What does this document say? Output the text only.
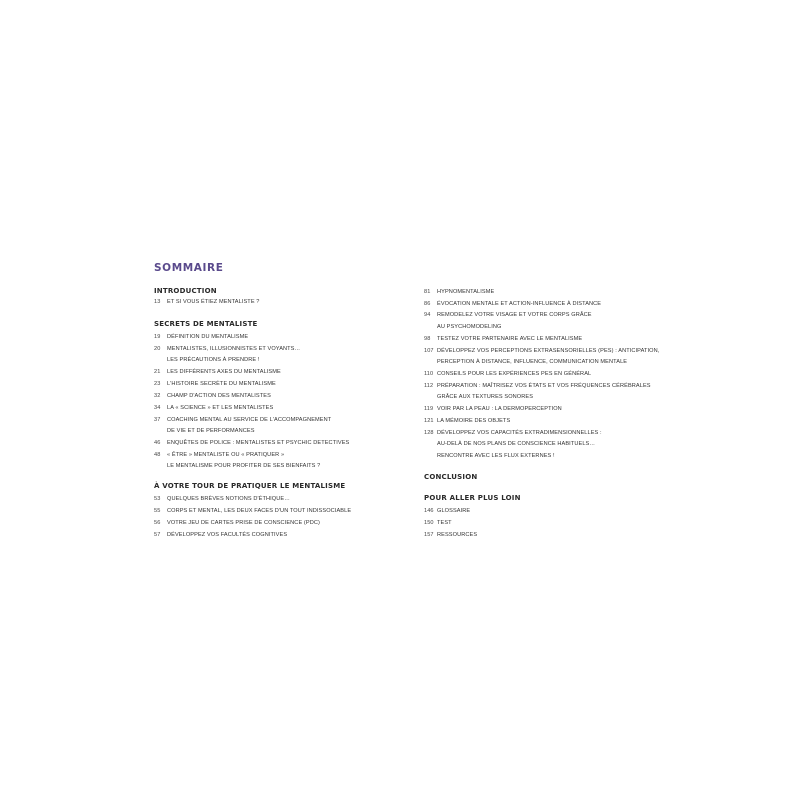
SOMMAIRE
INTRODUCTION
13 ET SI VOUS ÉTIEZ MENTALISTE ?
SECRETS DE MENTALISTE
19 DÉFINITION DU MENTALISME
20 MENTALISTES, ILLUSIONNISTES ET VOYANTS…
LES PRÉCAUTIONS À PRENDRE !
21 LES DIFFÉRENTS AXES DU MENTALISME
23 L'HISTOIRE SECRÈTE DU MENTALISME
32 CHAMP D'ACTION DES MENTALISTES
34 LA « SCIENCE » ET LES MENTALISTES
37 COACHING MENTAL AU SERVICE DE L'ACCOMPAGNEMENT
DE VIE ET DE PERFORMANCES
46 ENQUÊTES DE POLICE : MENTALISTES ET PSYCHIC DETECTIVES
48 « ÊTRE » MENTALISTE OU « PRATIQUER »
LE MENTALISME POUR PROFITER DE SES BIENFAITS ?
À VOTRE TOUR DE PRATIQUER LE MENTALISME
53 QUELQUES BRÈVES NOTIONS D'ÉTHIQUE…
55 CORPS ET MENTAL, LES DEUX FACES D'UN TOUT INDISSOCIABLE
56 VOTRE JEU DE CARTES PRISE DE CONSCIENCE (PDC)
57 DÉVELOPPEZ VOS FACULTÉS COGNITIVES
81 HYPNOMENTALISME
86 ÉVOCATION MENTALE ET ACTION-INFLUENCE À DISTANCE
94 REMODELEZ VOTRE VISAGE ET VOTRE CORPS GRÂCE
AU PSYCHOMODELING
98 TESTEZ VOTRE PARTENAIRE AVEC LE MENTALISME
107 DÉVELOPPEZ VOS PERCEPTIONS EXTRASENSORIELLES (PES) : ANTICIPATION,
PERCEPTION À DISTANCE, INFLUENCE, COMMUNICATION MENTALE
110 CONSEILS POUR LES EXPÉRIENCES PES EN GÉNÉRAL
112 PRÉPARATION : MAÎTRISEZ VOS ÉTATS ET VOS FRÉQUENCES CÉRÉBRALES
GRÂCE AUX TEXTURES SONORES
119 VOIR PAR LA PEAU : LA DERMOPERCEPTION
121 LA MÉMOIRE DES OBJETS
128 DÉVELOPPEZ VOS CAPACITÉS EXTRADIMENSIONNELLES :
AU-DELÀ DE NOS PLANS DE CONSCIENCE HABITUELS…
RENCONTRE AVEC LES FLUX EXTERNES !
CONCLUSION
POUR ALLER PLUS LOIN
146 GLOSSAIRE
150 TEST
157 RESSOURCES
